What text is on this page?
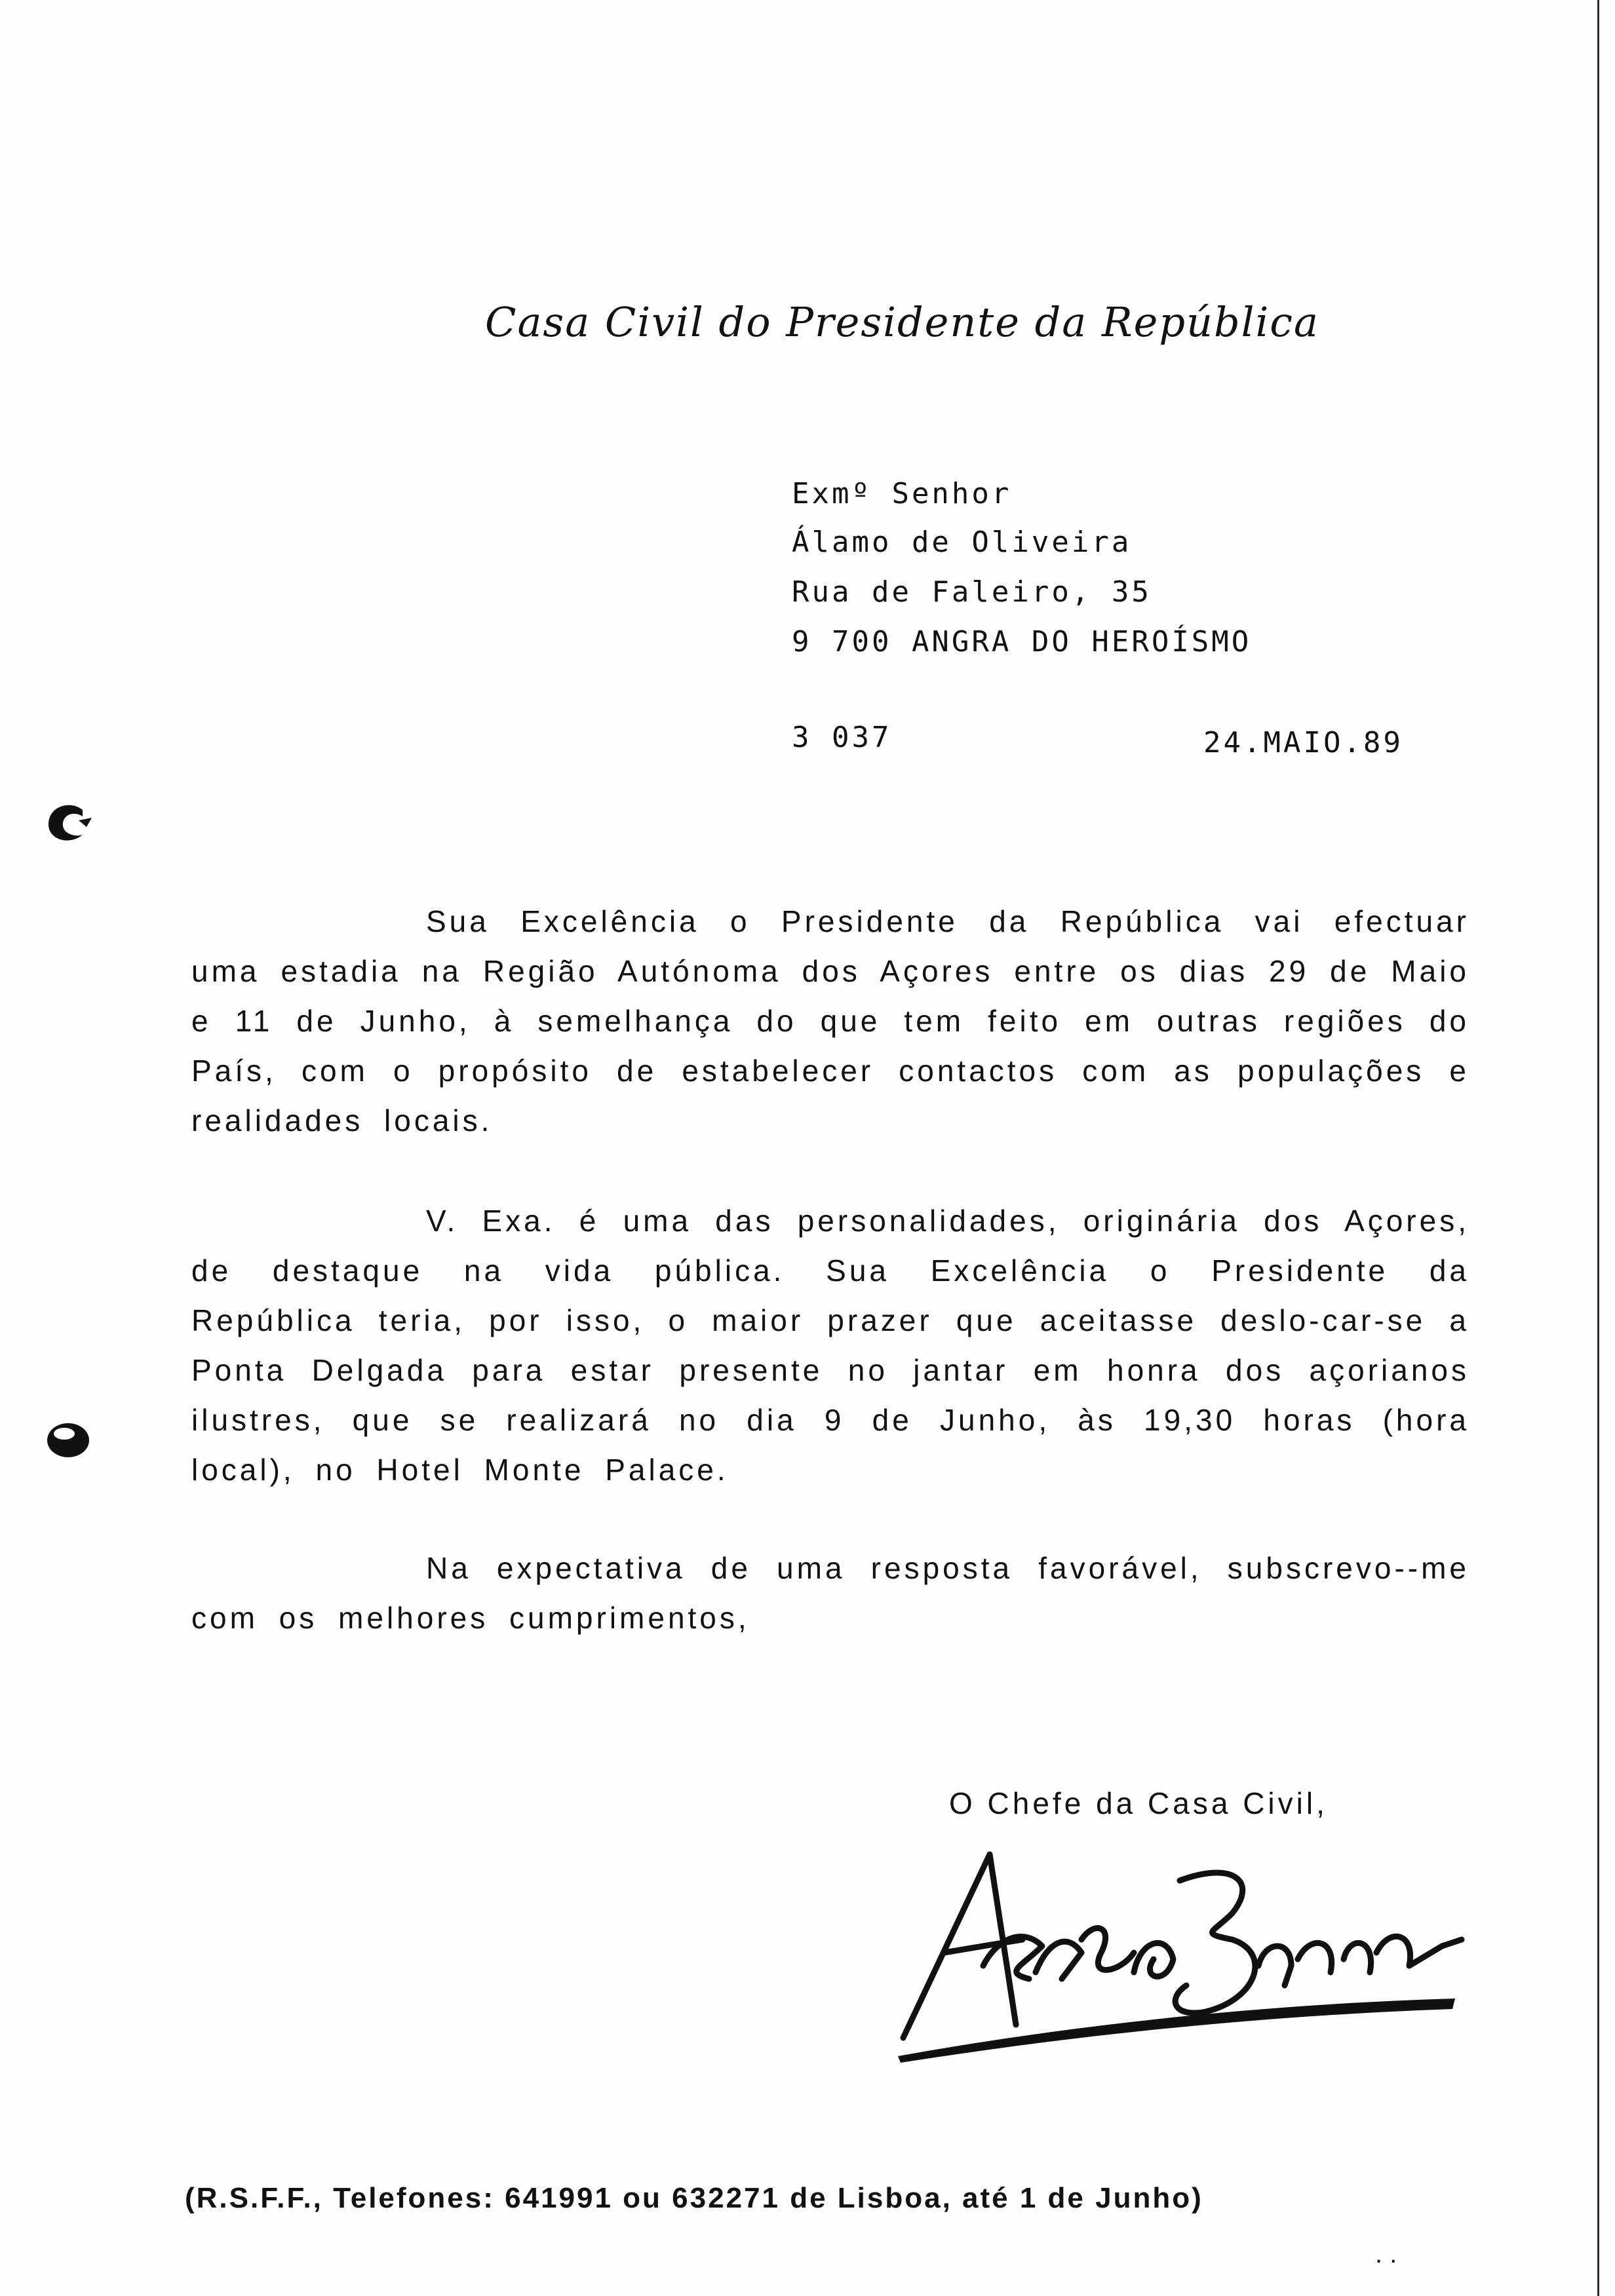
Casa Civil do Presidente da República
Exmº Senhor
Álamo de Oliveira
Rua de Faleiro, 35
9 700 ANGRA DO HEROÍSMO
3 037	24.MAIO.89

Sua Excelência o Presidente da República vai efectuar uma estadia na Região Autónoma dos Açores entre os dias 29 de Maio e 11 de Junho, à semelhança do que tem feito em outras regiões do País, com o propósito de estabelecer contactos com as populações e realidades locais.

V. Exa. é uma das personalidades, originária dos Açores, de destaque na vida pública. Sua Excelência o Presidente da República teria, por isso, o maior prazer que aceitasse deslo-car-se a Ponta Delgada para estar presente no jantar em honra dos açorianos ilustres, que se realizará no dia 9 de Junho, às 19,30 horas (hora local), no Hotel Monte Palace.

Na expectativa de uma resposta favorável, subscrevo--me com os melhores cumprimentos,

O Chefe da Casa Civil,
(R.S.F.F., Telefones: 641991 ou 632271 de Lisboa, até 1 de Junho)
. .
